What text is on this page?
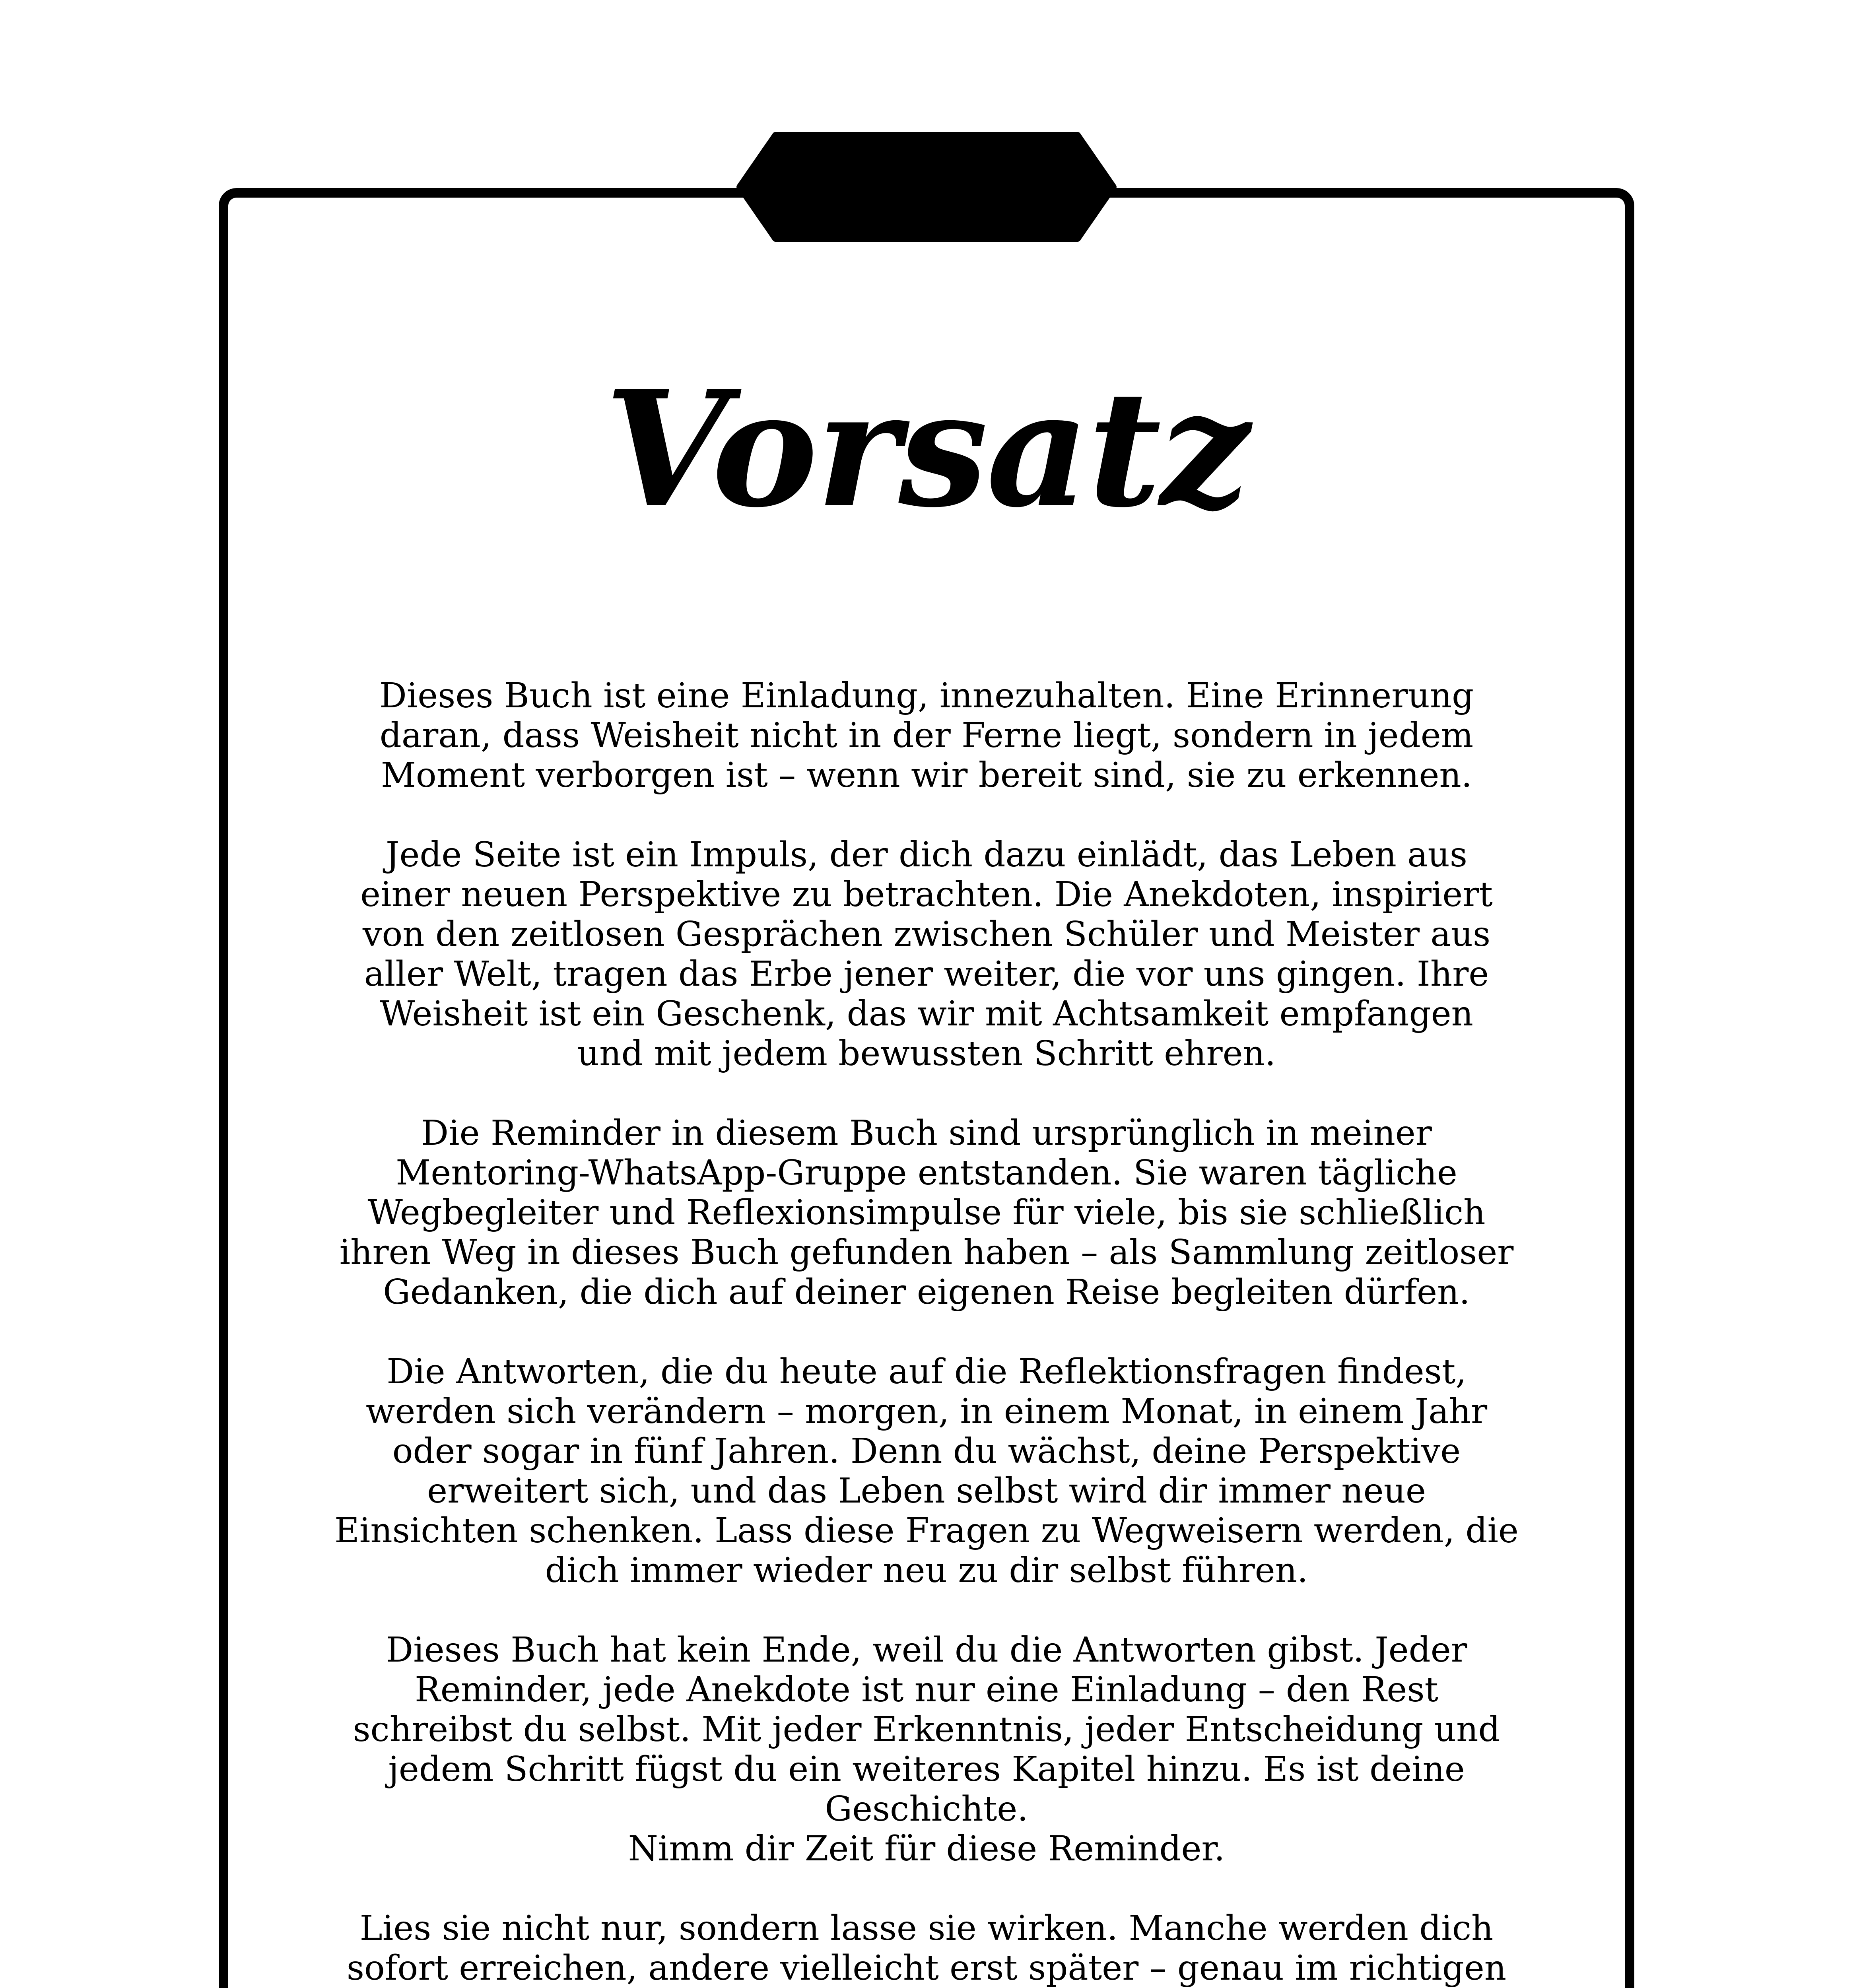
Vorsatz

Dieses Buch ist eine Einladung, innezuhalten. Eine Erinnerung
daran, dass Weisheit nicht in der Ferne liegt, sondern in jedem
Moment verborgen ist – wenn wir bereit sind, sie zu erkennen.

Jede Seite ist ein Impuls, der dich dazu einlädt, das Leben aus
einer neuen Perspektive zu betrachten. Die Anekdoten, inspiriert
von den zeitlosen Gesprächen zwischen Schüler und Meister aus
aller Welt, tragen das Erbe jener weiter, die vor uns gingen. Ihre
Weisheit ist ein Geschenk, das wir mit Achtsamkeit empfangen
und mit jedem bewussten Schritt ehren.

Die Reminder in diesem Buch sind ursprünglich in meiner
Mentoring-WhatsApp-Gruppe entstanden. Sie waren tägliche
Wegbegleiter und Reflexionsimpulse für viele, bis sie schließlich
ihren Weg in dieses Buch gefunden haben – als Sammlung zeitloser
Gedanken, die dich auf deiner eigenen Reise begleiten dürfen.

Die Antworten, die du heute auf die Reflektionsfragen findest,
werden sich verändern – morgen, in einem Monat, in einem Jahr
oder sogar in fünf Jahren. Denn du wächst, deine Perspektive
erweitert sich, und das Leben selbst wird dir immer neue
Einsichten schenken. Lass diese Fragen zu Wegweisern werden, die
dich immer wieder neu zu dir selbst führen.

Dieses Buch hat kein Ende, weil du die Antworten gibst. Jeder
Reminder, jede Anekdote ist nur eine Einladung – den Rest
schreibst du selbst. Mit jeder Erkenntnis, jeder Entscheidung und
jedem Schritt fügst du ein weiteres Kapitel hinzu. Es ist deine
Geschichte.
Nimm dir Zeit für diese Reminder.

Lies sie nicht nur, sondern lasse sie wirken. Manche werden dich
sofort erreichen, andere vielleicht erst später – genau im richtigen
